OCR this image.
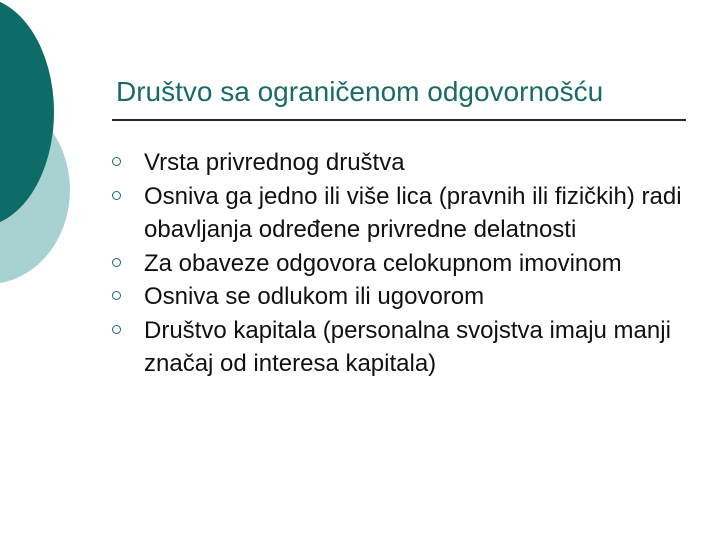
Društvo sa ograničenom odgovornošću
Vrsta privrednog društva
Osniva ga jedno ili više lica (pravnih ili fizičkih) radi obavljanja određene privredne delatnosti
Za obaveze odgovora celokupnom imovinom
Osniva se odlukom ili ugovorom
Društvo kapitala (personalna svojstva imaju manji značaj od interesa kapitala)
